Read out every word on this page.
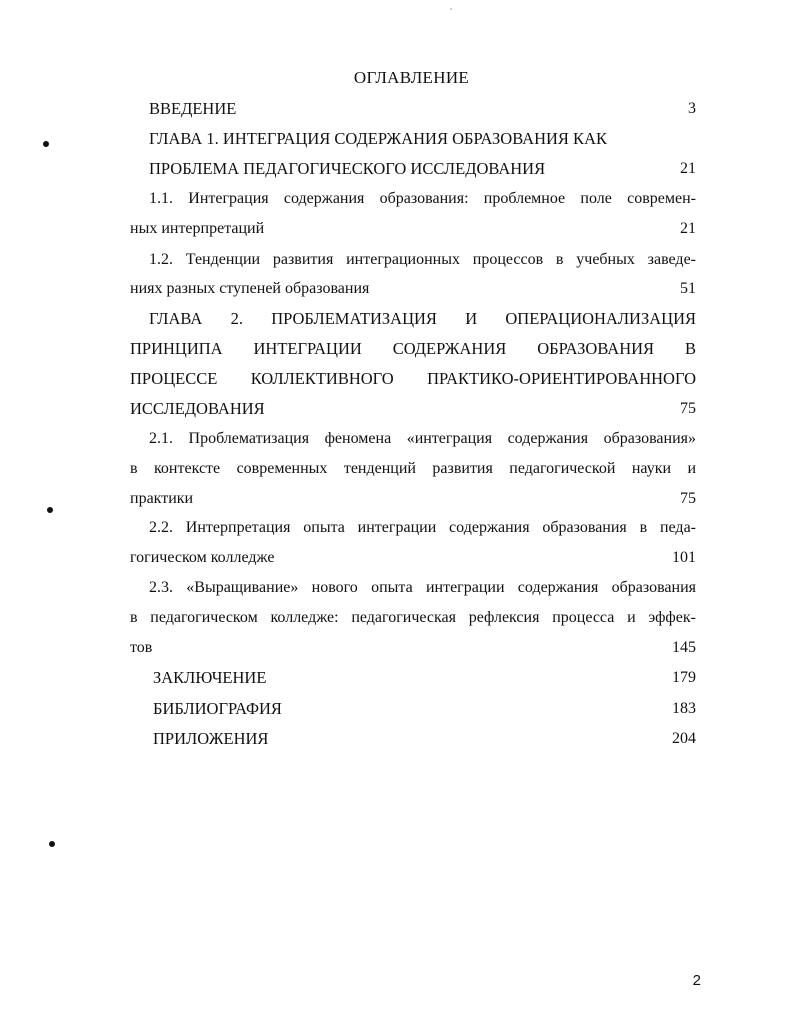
ОГЛАВЛЕНИЕ
ВВЕДЕНИЕ	3
ГЛАВА 1. ИНТЕГРАЦИЯ СОДЕРЖАНИЯ ОБРАЗОВАНИЯ КАК
ПРОБЛЕМА ПЕДАГОГИЧЕСКОГО ИССЛЕДОВАНИЯ	21
1.1. Интеграция содержания образования: проблемное поле современ-
ных интерпретаций	21
1.2. Тенденции развития интеграционных процессов в учебных заведе-
ниях разных ступеней образования	51
ГЛАВА 2. ПРОБЛЕМАТИЗАЦИЯ И ОПЕРАЦИОНАЛИЗАЦИЯ
ПРИНЦИПА ИНТЕГРАЦИИ СОДЕРЖАНИЯ ОБРАЗОВАНИЯ В
ПРОЦЕССЕ КОЛЛЕКТИВНОГО ПРАКТИКО-ОРИЕНТИРОВАННОГО
ИССЛЕДОВАНИЯ	75
2.1. Проблематизация феномена «интеграция содержания образования»
в контексте современных тенденций развития педагогической науки и
практики	75
2.2. Интерпретация опыта интеграции содержания образования в педа-
гогическом колледже	101
2.3. «Выращивание» нового опыта интеграции содержания образования
в педагогическом колледже: педагогическая рефлексия процесса и эффек-
тов	145
ЗАКЛЮЧЕНИЕ	179
БИБЛИОГРАФИЯ	183
ПРИЛОЖЕНИЯ	204
2
